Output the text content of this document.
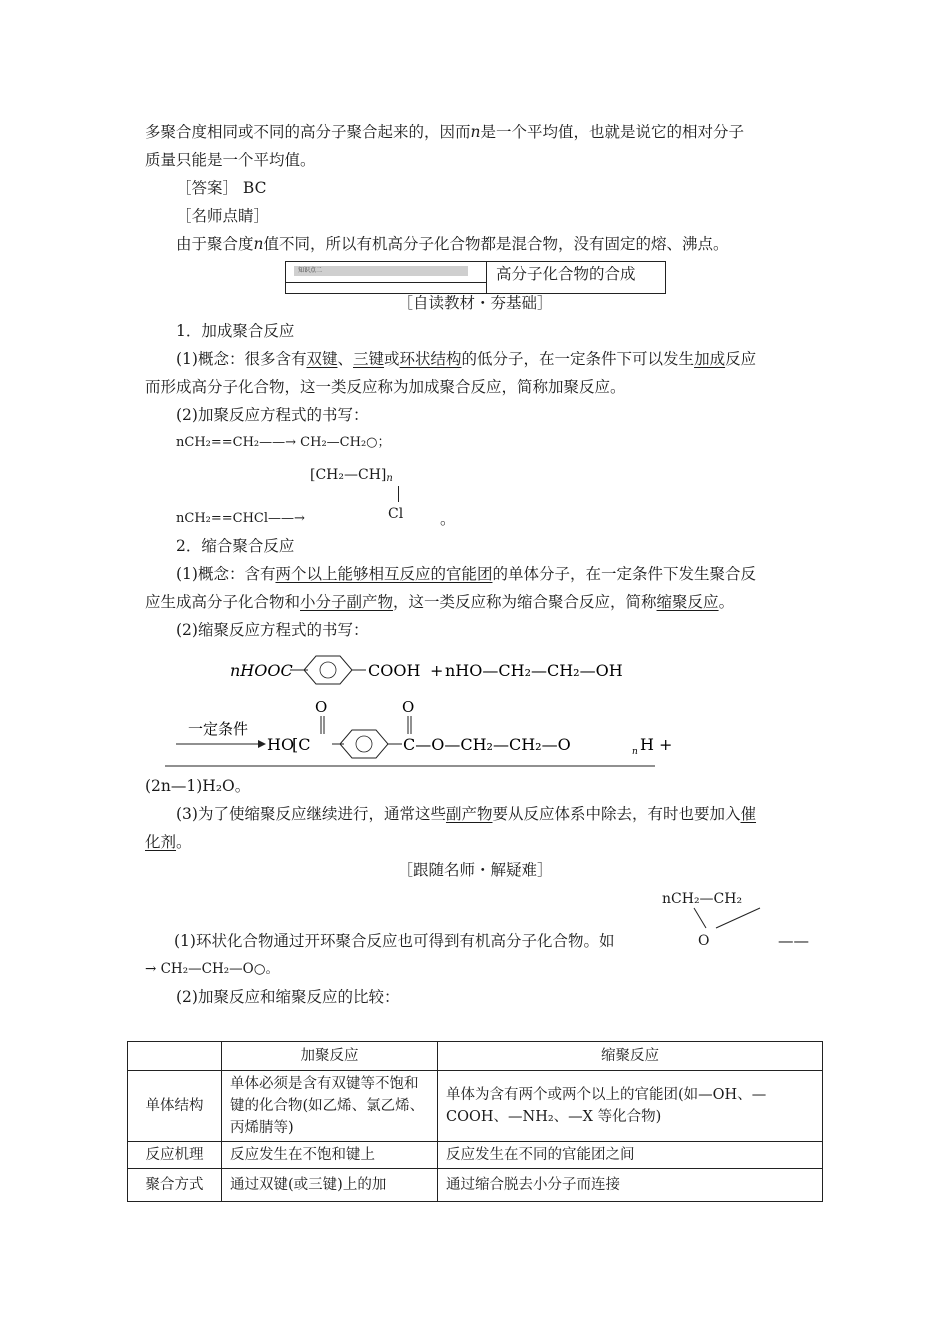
多聚合度相同或不同的高分子聚合起来的，因而n是一个平均值，也就是说它的相对分子
质量只能是一个平均值。
［答案］ BC
［名师点睛］
由于聚合度n值不同，所以有机高分子化合物都是混合物，没有固定的熔、沸点。
知识点二	高分子化合物的合成
［自读教材・夯基础］
1．加成聚合反应
(1)概念：很多含有双键、三键或环状结构的低分子，在一定条件下可以发生加成反应
而形成高分子化合物，这一类反应称为加成聚合反应，简称加聚反应。
(2)加聚反应方程式的书写：
nCH₂==CH₂——→ CH₂—CH₂○；
$[CH_2—CH]_n$
nCH₂==CHCl——→	Cl 。
2．缩合聚合反应
(1)概念：含有两个以上能够相互反应的官能团的单体分子，在一定条件下发生聚合反
应生成高分子化合物和小分子副产物，这一类反应称为缩合聚合反应，简称缩聚反应。
(2)缩聚反应方程式的书写：
nHOOC	COOH + nHO—CH₂—CH₂—OH
一定条件
HO
[C
O	O
C—O—CH₂—CH₂—O	n H +
(2n—1)H₂O。
(3)为了使缩聚反应继续进行，通常这些副产物要从反应体系中除去，有时也要加入催
化剂。
［跟随名师・解疑难］
nCH₂—CH₂
(1)环状化合物通过开环聚合反应也可得到有机高分子化合物。如	O	——
→ CH₂—CH₂—O○。
(2)加聚反应和缩聚反应的比较：
	加聚反应	缩聚反应
单体结构	单体必须是含有双键等不饱和键的化合物(如乙烯、氯乙烯、丙烯腈等)	单体为含有两个或两个以上的官能团(如—OH、—COOH、—NH₂、—X 等化合物)
反应机理	反应发生在不饱和键上	反应发生在不同的官能团之间
聚合方式	通过双键(或三键)上的加	通过缩合脱去小分子而连接
